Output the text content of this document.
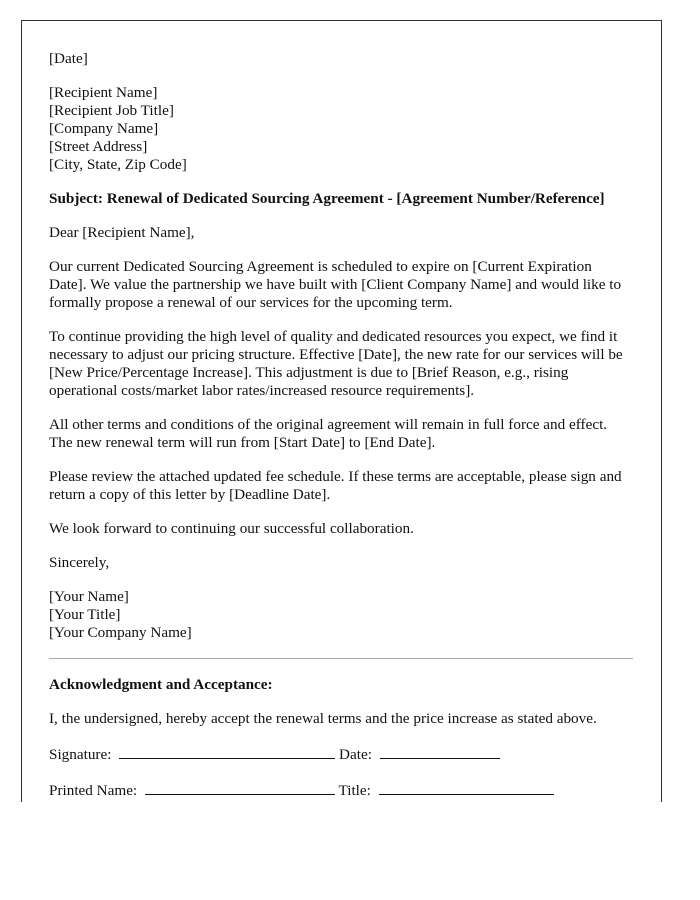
[Date]

[Recipient Name]
[Recipient Job Title]
[Company Name]
[Street Address]
[City, State, Zip Code]

Subject: Renewal of Dedicated Sourcing Agreement - [Agreement Number/Reference]

Dear [Recipient Name],

Our current Dedicated Sourcing Agreement is scheduled to expire on [Current Expiration Date]. We value the partnership we have built with [Client Company Name] and would like to formally propose a renewal of our services for the upcoming term.

To continue providing the high level of quality and dedicated resources you expect, we find it necessary to adjust our pricing structure. Effective [Date], the new rate for our services will be [New Price/Percentage Increase]. This adjustment is due to [Brief Reason, e.g., rising operational costs/market labor rates/increased resource requirements].

All other terms and conditions of the original agreement will remain in full force and effect. The new renewal term will run from [Start Date] to [End Date].

Please review the attached updated fee schedule. If these terms are acceptable, please sign and return a copy of this letter by [Deadline Date].

We look forward to continuing our successful collaboration.

Sincerely,

[Your Name]
[Your Title]
[Your Company Name]

Acknowledgment and Acceptance:

I, the undersigned, hereby accept the renewal terms and the price increase as stated above.

Signature:	Date:
Printed Name:	Title:
